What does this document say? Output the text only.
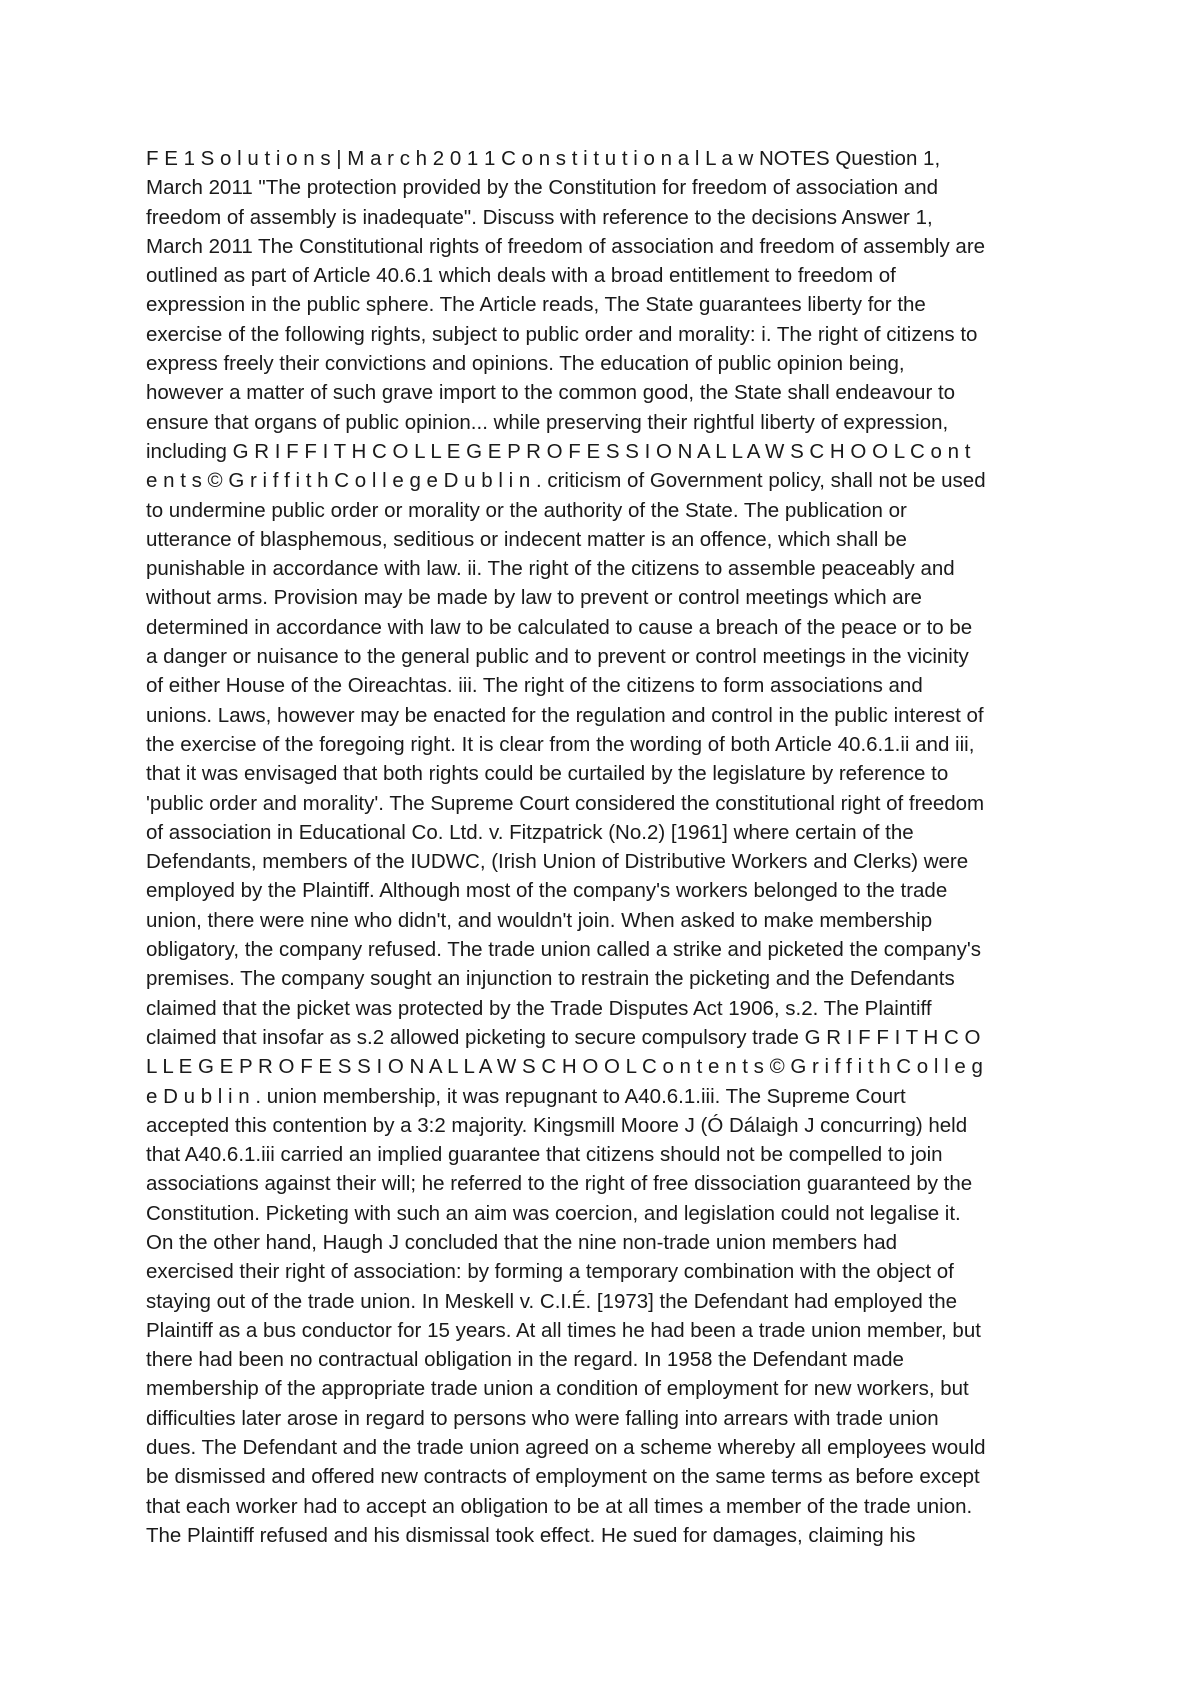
F E 1 S o l u t i o n s | M a r c h 2 0 1 1 C o n s t i t u t i o n a l L a w NOTES Question 1,
March 2011 "The protection provided by the Constitution for freedom of association and
freedom of assembly is inadequate". Discuss with reference to the decisions Answer 1,
March 2011 The Constitutional rights of freedom of association and freedom of assembly are
outlined as part of Article 40.6.1 which deals with a broad entitlement to freedom of
expression in the public sphere. The Article reads, The State guarantees liberty for the
exercise of the following rights, subject to public order and morality: i. The right of citizens to
express freely their convictions and opinions. The education of public opinion being,
however a matter of such grave import to the common good, the State shall endeavour to
ensure that organs of public opinion... while preserving their rightful liberty of expression,
including G R I F F I T H C O L L E G E P R O F E S S I O N A L L A W S C H O O L C o n t
e n t s © G r i f f i t h C o l l e g e D u b l i n . criticism of Government policy, shall not be used
to undermine public order or morality or the authority of the State. The publication or
utterance of blasphemous, seditious or indecent matter is an offence, which shall be
punishable in accordance with law. ii. The right of the citizens to assemble peaceably and
without arms. Provision may be made by law to prevent or control meetings which are
determined in accordance with law to be calculated to cause a breach of the peace or to be
a danger or nuisance to the general public and to prevent or control meetings in the vicinity
of either House of the Oireachtas. iii. The right of the citizens to form associations and
unions. Laws, however may be enacted for the regulation and control in the public interest of
the exercise of the foregoing right. It is clear from the wording of both Article 40.6.1.ii and iii,
that it was envisaged that both rights could be curtailed by the legislature by reference to
'public order and morality'. The Supreme Court considered the constitutional right of freedom
of association in Educational Co. Ltd. v. Fitzpatrick (No.2) [1961] where certain of the
Defendants, members of the IUDWC, (Irish Union of Distributive Workers and Clerks) were
employed by the Plaintiff. Although most of the company's workers belonged to the trade
union, there were nine who didn't, and wouldn't join. When asked to make membership
obligatory, the company refused. The trade union called a strike and picketed the company's
premises. The company sought an injunction to restrain the picketing and the Defendants
claimed that the picket was protected by the Trade Disputes Act 1906, s.2. The Plaintiff
claimed that insofar as s.2 allowed picketing to secure compulsory trade G R I F F I T H C O
L L E G E P R O F E S S I O N A L L A W S C H O O L C o n t e n t s © G r i f f i t h C o l l e g
e D u b l i n . union membership, it was repugnant to A40.6.1.iii. The Supreme Court
accepted this contention by a 3:2 majority. Kingsmill Moore J (Ó Dálaigh J concurring) held
that A40.6.1.iii carried an implied guarantee that citizens should not be compelled to join
associations against their will; he referred to the right of free dissociation guaranteed by the
Constitution. Picketing with such an aim was coercion, and legislation could not legalise it.
On the other hand, Haugh J concluded that the nine non-trade union members had
exercised their right of association: by forming a temporary combination with the object of
staying out of the trade union. In Meskell v. C.I.É. [1973] the Defendant had employed the
Plaintiff as a bus conductor for 15 years. At all times he had been a trade union member, but
there had been no contractual obligation in the regard. In 1958 the Defendant made
membership of the appropriate trade union a condition of employment for new workers, but
difficulties later arose in regard to persons who were falling into arrears with trade union
dues. The Defendant and the trade union agreed on a scheme whereby all employees would
be dismissed and offered new contracts of employment on the same terms as before except
that each worker had to accept an obligation to be at all times a member of the trade union.
The Plaintiff refused and his dismissal took effect. He sued for damages, claiming his
